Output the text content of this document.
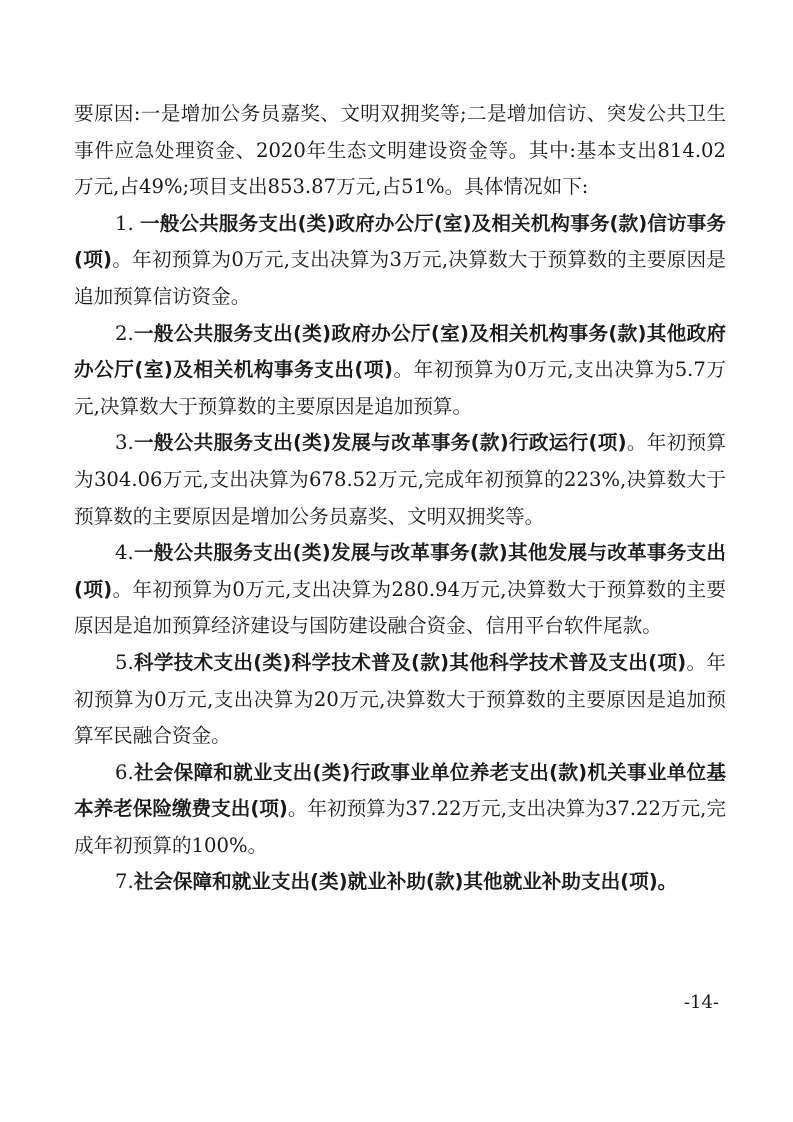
要原因:一是增加公务员嘉奖、文明双拥奖等;二是增加信访、突发公共卫生事件应急处理资金、2020年生态文明建设资金等。其中:基本支出814.02万元,占49%;项目支出853.87万元,占51%。具体情况如下:

1. 一般公共服务支出(类)政府办公厅(室)及相关机构事务(款)信访事务(项)。年初预算为0万元,支出决算为3万元,决算数大于预算数的主要原因是追加预算信访资金。

2.一般公共服务支出(类)政府办公厅(室)及相关机构事务(款)其他政府办公厅(室)及相关机构事务支出(项)。年初预算为0万元,支出决算为5.7万元,决算数大于预算数的主要原因是追加预算。

3.一般公共服务支出(类)发展与改革事务(款)行政运行(项)。年初预算为304.06万元,支出决算为678.52万元,完成年初预算的223%,决算数大于预算数的主要原因是增加公务员嘉奖、文明双拥奖等。

4.一般公共服务支出(类)发展与改革事务(款)其他发展与改革事务支出(项)。年初预算为0万元,支出决算为280.94万元,决算数大于预算数的主要原因是追加预算经济建设与国防建设融合资金、信用平台软件尾款。

5.科学技术支出(类)科学技术普及(款)其他科学技术普及支出(项)。年初预算为0万元,支出决算为20万元,决算数大于预算数的主要原因是追加预算军民融合资金。

6.社会保障和就业支出(类)行政事业单位养老支出(款)机关事业单位基本养老保险缴费支出(项)。年初预算为37.22万元,支出决算为37.22万元,完成年初预算的100%。

7.社会保障和就业支出(类)就业补助(款)其他就业补助支出(项)。

-14-
